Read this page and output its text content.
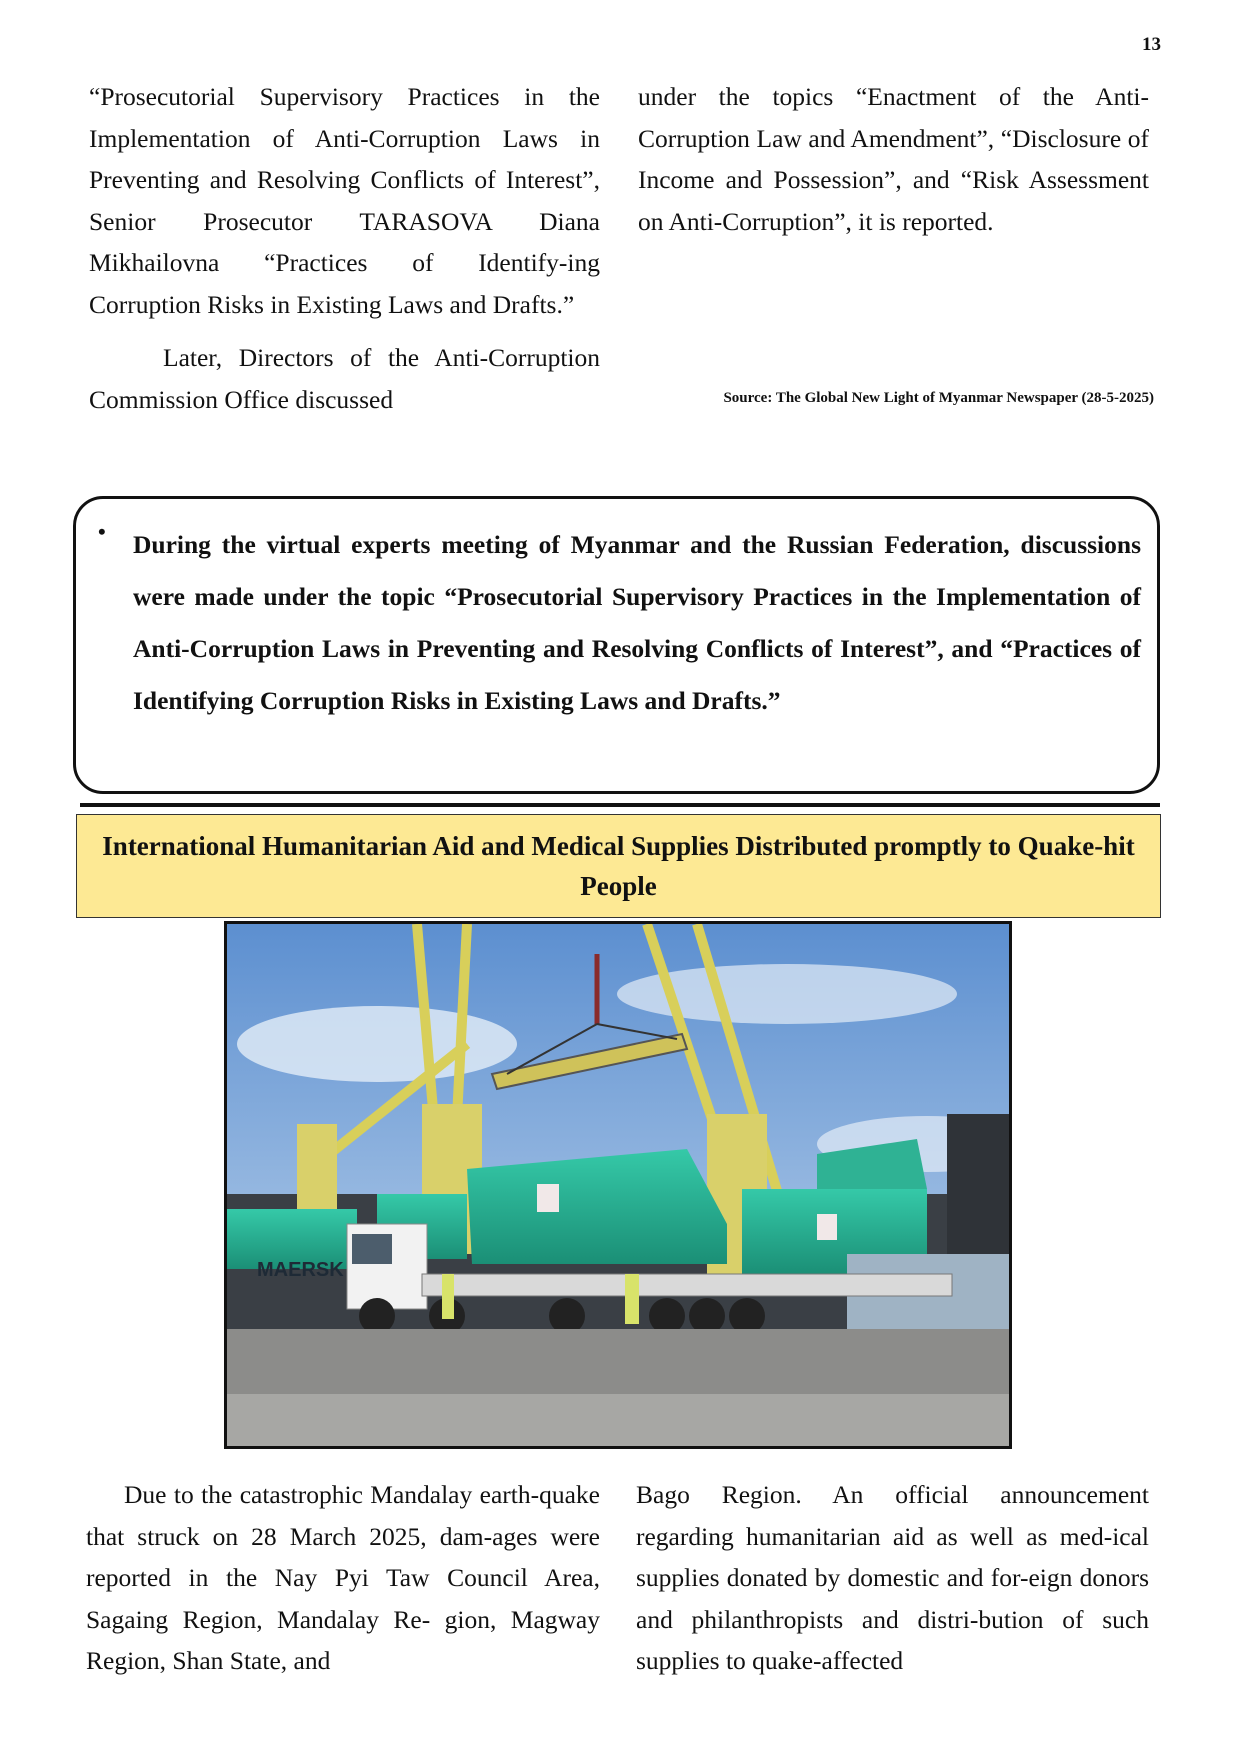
13

“Prosecutorial Supervisory Practices in the Implementation of Anti-Corruption Laws in Preventing and Resolving Conflicts of Interest”, Senior Prosecutor TARASOVA Diana Mikhailovna “Practices of Identify-ing Corruption Risks in Existing Laws and Drafts.”

Later, Directors of the Anti-Corruption Commission Office discussed

under the topics “Enactment of the Anti-Corruption Law and Amendment”, “Disclosure of Income and Possession”, and “Risk Assessment on Anti-Corruption”, it is reported.

Source: The Global New Light of Myanmar Newspaper (28-5-2025)
• During the virtual experts meeting of Myanmar and the Russian Federation, discussions were made under the topic “Prosecutorial Supervisory Practices in the Implementation of Anti-Corruption Laws in Preventing and Resolving Conflicts of Interest”, and “Practices of Identifying Corruption Risks in Existing Laws and Drafts.”

International Humanitarian Aid and Medical Supplies Distributed promptly to Quake-hit People
MAERSK

Due to the catastrophic Mandalay earth-quake that struck on 28 March 2025, dam-ages were reported in the Nay Pyi Taw Council Area, Sagaing Region, Mandalay Re- gion, Magway Region, Shan State, and

Bago Region. An official announcement regarding humanitarian aid as well as med-ical supplies donated by domestic and for-eign donors and philanthropists and distri-bution of such supplies to quake-affected
